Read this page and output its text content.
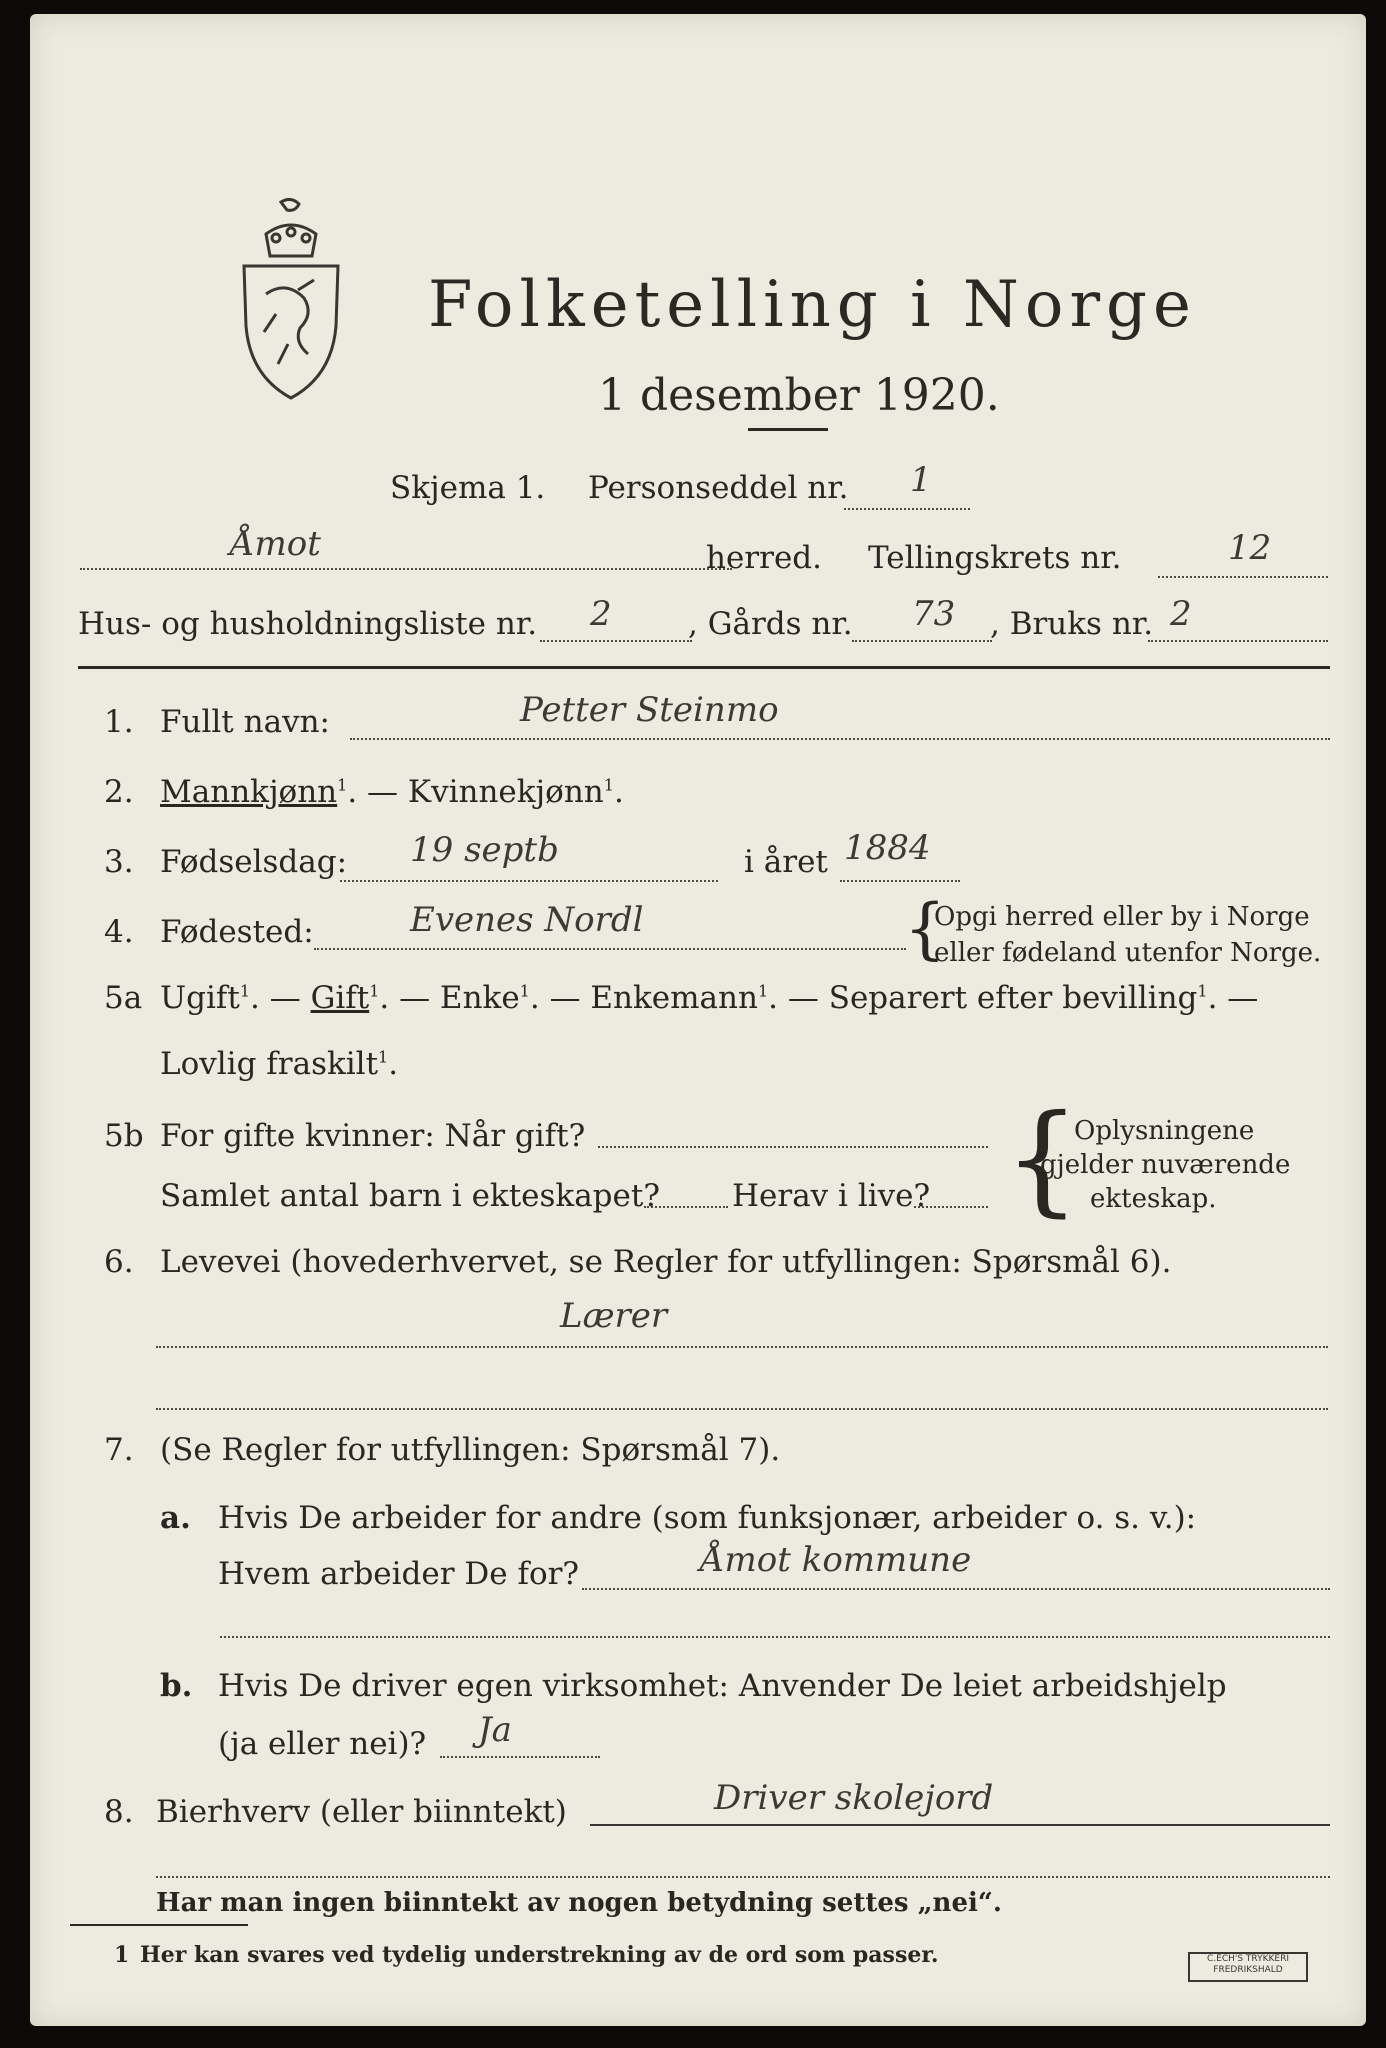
Folketelling i Norge
1 desember 1920.
Skjema 1. Personseddel nr. 1
Åmot	herred. Tellingskrets nr.	12
Hus- og husholdningsliste nr. 2 , Gårds nr. 73 , Bruks nr. 2
1. Fullt navn:	Petter Steinmo
2. Mannkjønn$^1$. — Kvinnekjønn$^1$.
3. Fødselsdag: 19 septb	i året 1884
4. Fødested:	Evenes Nordl	{
Opgi herred eller by i Norge
eller fødeland utenfor Norge.
5a Ugift$^1$. — Gift$^1$. — Enke$^1$. — Enkemann$^1$. — Separert efter bevilling$^1$. —
Lovlig fraskilt$^1$.
5b For gifte kvinner: Når gift?
Samlet antal barn i ekteskapet? Herav i live? {
Oplysningene
gjelder nuværende
ekteskap.
6. Levevei (hovederhvervet, se Regler for utfyllingen: Spørsmål 6).
Lærer
7. (Se Regler for utfyllingen: Spørsmål 7).
a. Hvis De arbeider for andre (som funksjonær, arbeider o. s. v.):
Hvem arbeider De for?	Åmot kommune
b. Hvis De driver egen virksomhet: Anvender De leiet arbeidshjelp
(ja eller nei)? Ja
8. Bierhverv (eller biinntekt)	Driver skolejord
Har man ingen biinntekt av nogen betydning settes „nei“.
1 Her kan svares ved tydelig understrekning av de ord som passer.	C.ECH'S TRYKKERI
FREDRIKSHALD
